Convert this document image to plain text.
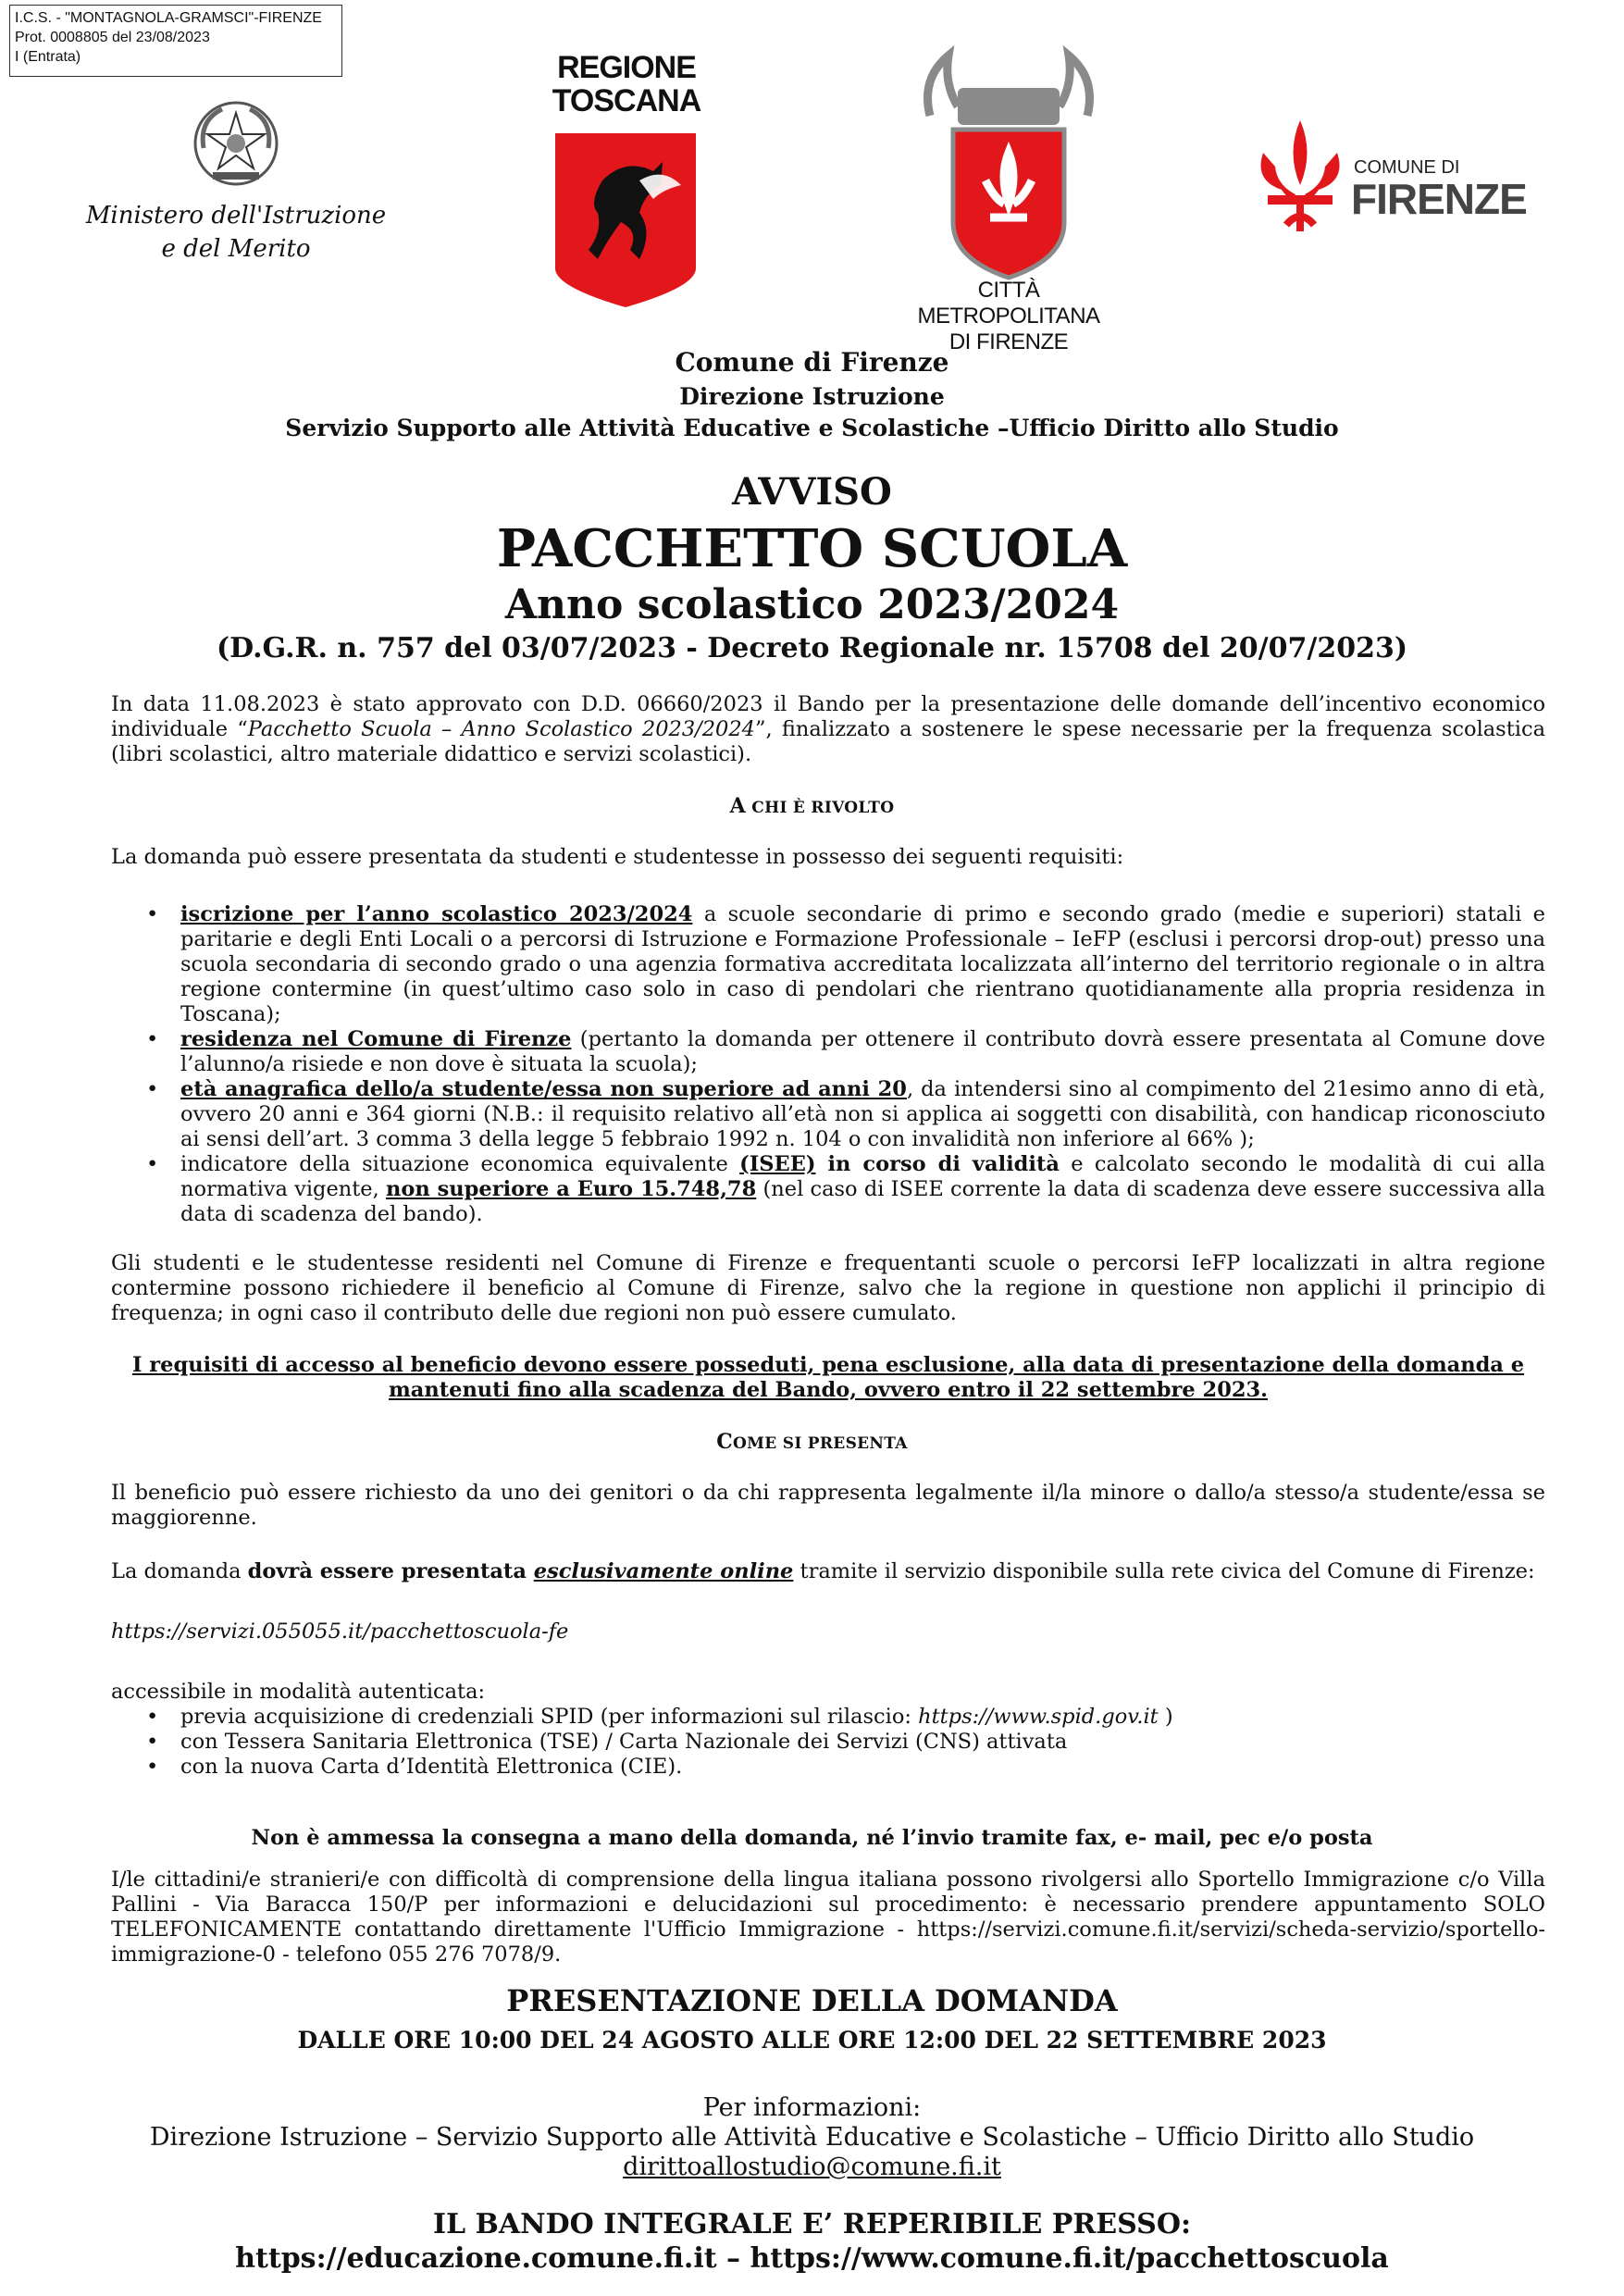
I.C.S. - "MONTAGNOLA-GRAMSCI"-FIRENZE
Prot. 0008805 del 23/08/2023
I (Entrata)
Ministero dell'Istruzione
e del Merito
REGIONE
TOSCANA
CITTÀ METROPOLITANA
DI FIRENZE
COMUNE DI
FIRENZE
Comune di Firenze
Direzione Istruzione
Servizio Supporto alle Attività Educative e Scolastiche –Ufficio Diritto allo Studio
AVVISO
PACCHETTO SCUOLA
Anno scolastico 2023/2024
(D.G.R. n. 757 del 03/07/2023 - Decreto Regionale nr. 15708 del 20/07/2023)
In data 11.08.2023 è stato approvato con D.D. 06660/2023 il Bando per la presentazione delle domande dell’incentivo economico individuale “Pacchetto Scuola – Anno Scolastico 2023/2024”, finalizzato a sostenere le spese necessarie per la frequenza scolastica (libri scolastici, altro materiale didattico e servizi scolastici).
A CHI È RIVOLTO
La domanda può essere presentata da studenti e studentesse in possesso dei seguenti requisiti:
• iscrizione per l’anno scolastico 2023/2024 a scuole secondarie di primo e secondo grado (medie e superiori) statali e paritarie e degli Enti Locali o a percorsi di Istruzione e Formazione Professionale – IeFP (esclusi i percorsi drop-out) presso una scuola secondaria di secondo grado o una agenzia formativa accreditata localizzata all’interno del territorio regionale o in altra regione contermine (in quest’ultimo caso solo in caso di pendolari che rientrano quotidianamente alla propria residenza in Toscana);
• residenza nel Comune di Firenze (pertanto la domanda per ottenere il contributo dovrà essere presentata al Comune dove l’alunno/a risiede e non dove è situata la scuola);
• età anagrafica dello/a studente/essa non superiore ad anni 20, da intendersi sino al compimento del 21esimo anno di età, ovvero 20 anni e 364 giorni (N.B.: il requisito relativo all’età non si applica ai soggetti con disabilità, con handicap riconosciuto ai sensi dell’art. 3 comma 3 della legge 5 febbraio 1992 n. 104 o con invalidità non inferiore al 66% );
• indicatore della situazione economica equivalente (ISEE) in corso di validità e calcolato secondo le modalità di cui alla normativa vigente, non superiore a Euro 15.748,78 (nel caso di ISEE corrente la data di scadenza deve essere successiva alla data di scadenza del bando).
Gli studenti e le studentesse residenti nel Comune di Firenze e frequentanti scuole o percorsi IeFP localizzati in altra regione contermine possono richiedere il beneficio al Comune di Firenze, salvo che la regione in questione non applichi il principio di frequenza; in ogni caso il contributo delle due regioni non può essere cumulato.
I requisiti di accesso al beneficio devono essere posseduti, pena esclusione, alla data di presentazione della domanda e mantenuti fino alla scadenza del Bando, ovvero entro il 22 settembre 2023.
COME SI PRESENTA
Il beneficio può essere richiesto da uno dei genitori o da chi rappresenta legalmente il/la minore o dallo/a stesso/a studente/essa se maggiorenne.
La domanda dovrà essere presentata esclusivamente online tramite il servizio disponibile sulla rete civica del Comune di Firenze:
https://servizi.055055.it/pacchettoscuola-fe
accessibile in modalità autenticata:
• previa acquisizione di credenziali SPID (per informazioni sul rilascio: https://www.spid.gov.it )
• con Tessera Sanitaria Elettronica (TSE) / Carta Nazionale dei Servizi (CNS) attivata
• con la nuova Carta d’Identità Elettronica (CIE).
Non è ammessa la consegna a mano della domanda, né l’invio tramite fax, e- mail, pec e/o posta
I/le cittadini/e stranieri/e con difficoltà di comprensione della lingua italiana possono rivolgersi allo Sportello Immigrazione c/o Villa Pallini - Via Baracca 150/P per informazioni e delucidazioni sul procedimento: è necessario prendere appuntamento SOLO TELEFONICAMENTE contattando direttamente l'Ufficio Immigrazione - https://servizi.comune.fi.it/servizi/scheda-servizio/sportello-immigrazione-0 - telefono 055 276 7078/9.
PRESENTAZIONE DELLA DOMANDA
DALLE ORE 10:00 DEL 24 AGOSTO ALLE ORE 12:00 DEL 22 SETTEMBRE 2023
Per informazioni:
Direzione Istruzione – Servizio Supporto alle Attività Educative e Scolastiche – Ufficio Diritto allo Studio
dirittoallostudio@comune.fi.it
IL BANDO INTEGRALE E’ REPERIBILE PRESSO:
https://educazione.comune.fi.it – https://www.comune.fi.it/pacchettoscuola
